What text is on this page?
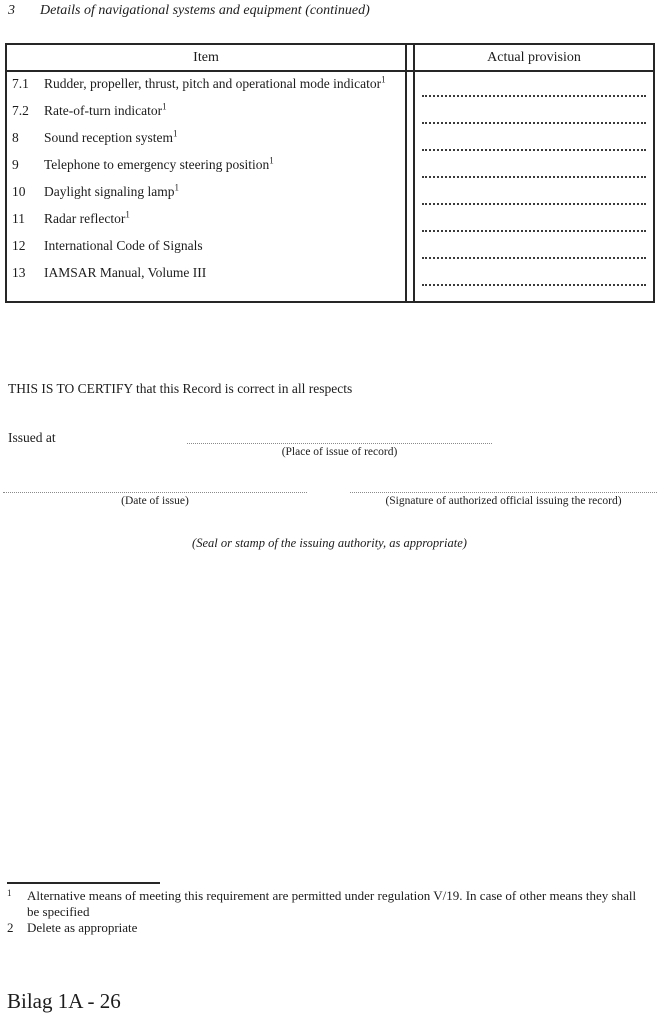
3	Details of navigational systems and equipment (continued)
Item	Actual provision
7.1	Rudder, propeller, thrust, pitch and operational mode indicator$^1$
7.2	Rate-of-turn indicator$^1$
8	Sound reception system$^1$
9	Telephone to emergency steering position$^1$
10	Daylight signaling lamp$^1$
11	Radar reflector$^1$
12	International Code of Signals
13	IAMSAR Manual, Volume III
THIS IS TO CERTIFY that this Record is correct in all respects
Issued at
(Place of issue of record)
(Date of issue)	(Signature of authorized official issuing the record)
(Seal or stamp of the issuing authority, as appropriate)
1	Alternative means of meeting this requirement are permitted under regulation V/19. In case of other means they shall be specified
2	Delete as appropriate
Bilag 1A - 26
